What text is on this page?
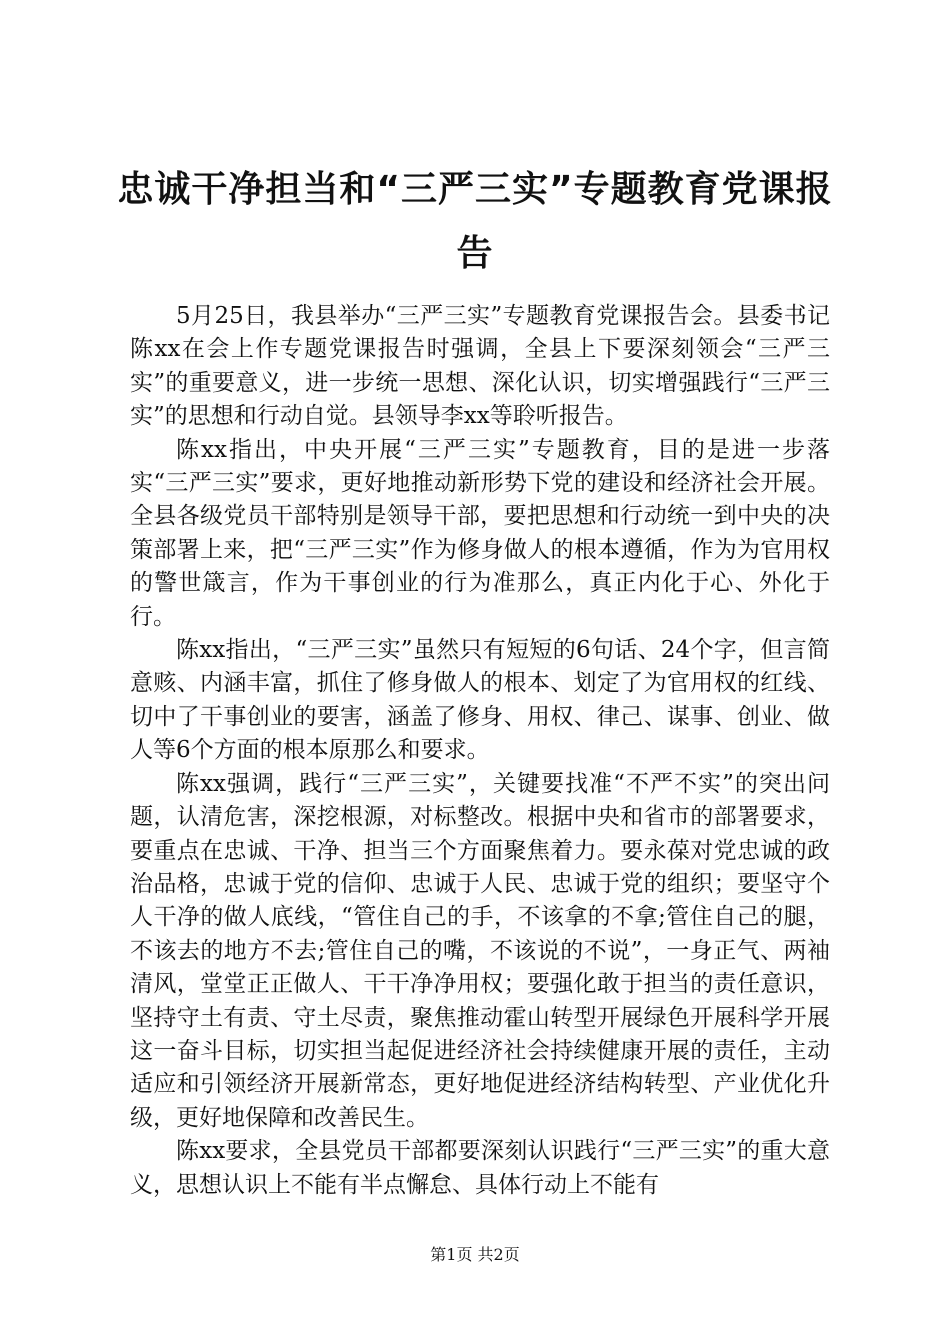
忠诚干净担当和“三严三实”专题教育党课报告

5月25日，我县举办“三严三实”专题教育党课报告会。县委书记陈xx在会上作专题党课报告时强调，全县上下要深刻领会“三严三实”的重要意义，进一步统一思想、深化认识，切实增强践行“三严三实”的思想和行动自觉。县领导李xx等聆听报告。

陈xx指出，中央开展“三严三实”专题教育，目的是进一步落实“三严三实”要求，更好地推动新形势下党的建设和经济社会开展。全县各级党员干部特别是领导干部，要把思想和行动统一到中央的决策部署上来，把“三严三实”作为修身做人的根本遵循，作为为官用权的警世箴言，作为干事创业的行为准那么，真正内化于心、外化于行。

陈xx指出，“三严三实”虽然只有短短的6句话、24个字，但言简意赅、内涵丰富，抓住了修身做人的根本、划定了为官用权的红线、切中了干事创业的要害，涵盖了修身、用权、律己、谋事、创业、做人等6个方面的根本原那么和要求。

陈xx强调，践行“三严三实”，关键要找准“不严不实”的突出问题，认清危害，深挖根源，对标整改。根据中央和省市的部署要求，要重点在忠诚、干净、担当三个方面聚焦着力。要永葆对党忠诚的政治品格，忠诚于党的信仰、忠诚于人民、忠诚于党的组织；要坚守个人干净的做人底线，“管住自己的手，不该拿的不拿;管住自己的腿，不该去的地方不去;管住自己的嘴，不该说的不说”，一身正气、两袖清风，堂堂正正做人、干干净净用权；要强化敢于担当的责任意识，坚持守土有责、守土尽责，聚焦推动霍山转型开展绿色开展科学开展这一奋斗目标，切实担当起促进经济社会持续健康开展的责任，主动适应和引领经济开展新常态，更好地促进经济结构转型、产业优化升级，更好地保障和改善民生。

陈xx要求，全县党员干部都要深刻认识践行“三严三实”的重大意义，思想认识上不能有半点懈怠、具体行动上不能有

第1页 共2页
